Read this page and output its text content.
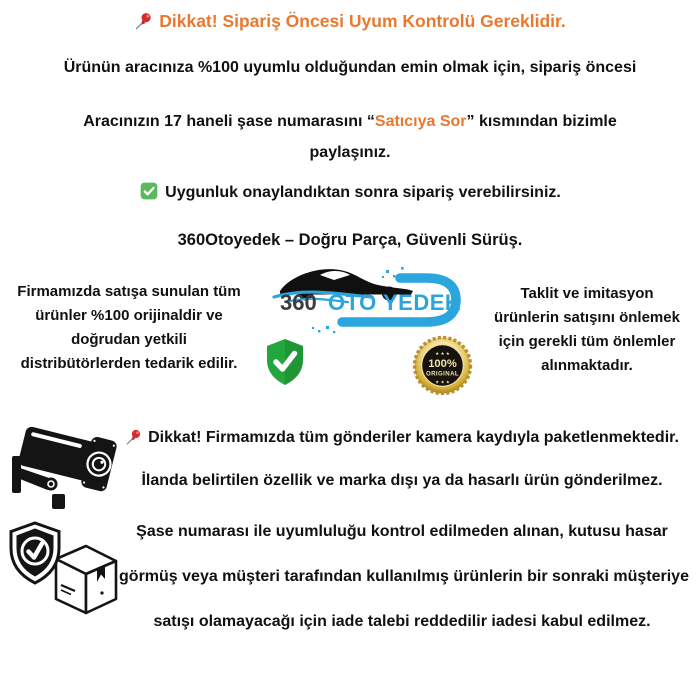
Dikkat! Sipariş Öncesi Uyum Kontrolü Gereklidir.
Ürünün aracınıza %100 uyumlu olduğundan emin olmak için, sipariş öncesi
Aracınızın 17 haneli şase numarasını “Satıcıya Sor” kısmından bizimle
paylaşınız.
Uygunluk onaylandıktan sonra sipariş verebilirsiniz.
360Otoyedek – Doğru Parça, Güvenli Sürüş.
Firmamızda satışa sunulan tüm
ürünler %100 orijinaldir ve
doğrudan yetkili
distribütörlerden tedarik edilir.
360 OTO YEDEK
★ ★ ★
100%
ORIGINAL
★ ★ ★
Taklit ve imitasyon
ürünlerin satışını önlemek
için gerekli tüm önlemler
alınmaktadır.
Dikkat! Firmamızda tüm gönderiler kamera kaydıyla paketlenmektedir.
İlanda belirtilen özellik ve marka dışı ya da hasarlı ürün gönderilmez.
Şase numarası ile uyumluluğu kontrol edilmeden alınan, kutusu hasar
görmüş veya müşteri tarafından kullanılmış ürünlerin bir sonraki müşteriye
satışı olamayacağı için iade talebi reddedilir iadesi kabul edilmez.
